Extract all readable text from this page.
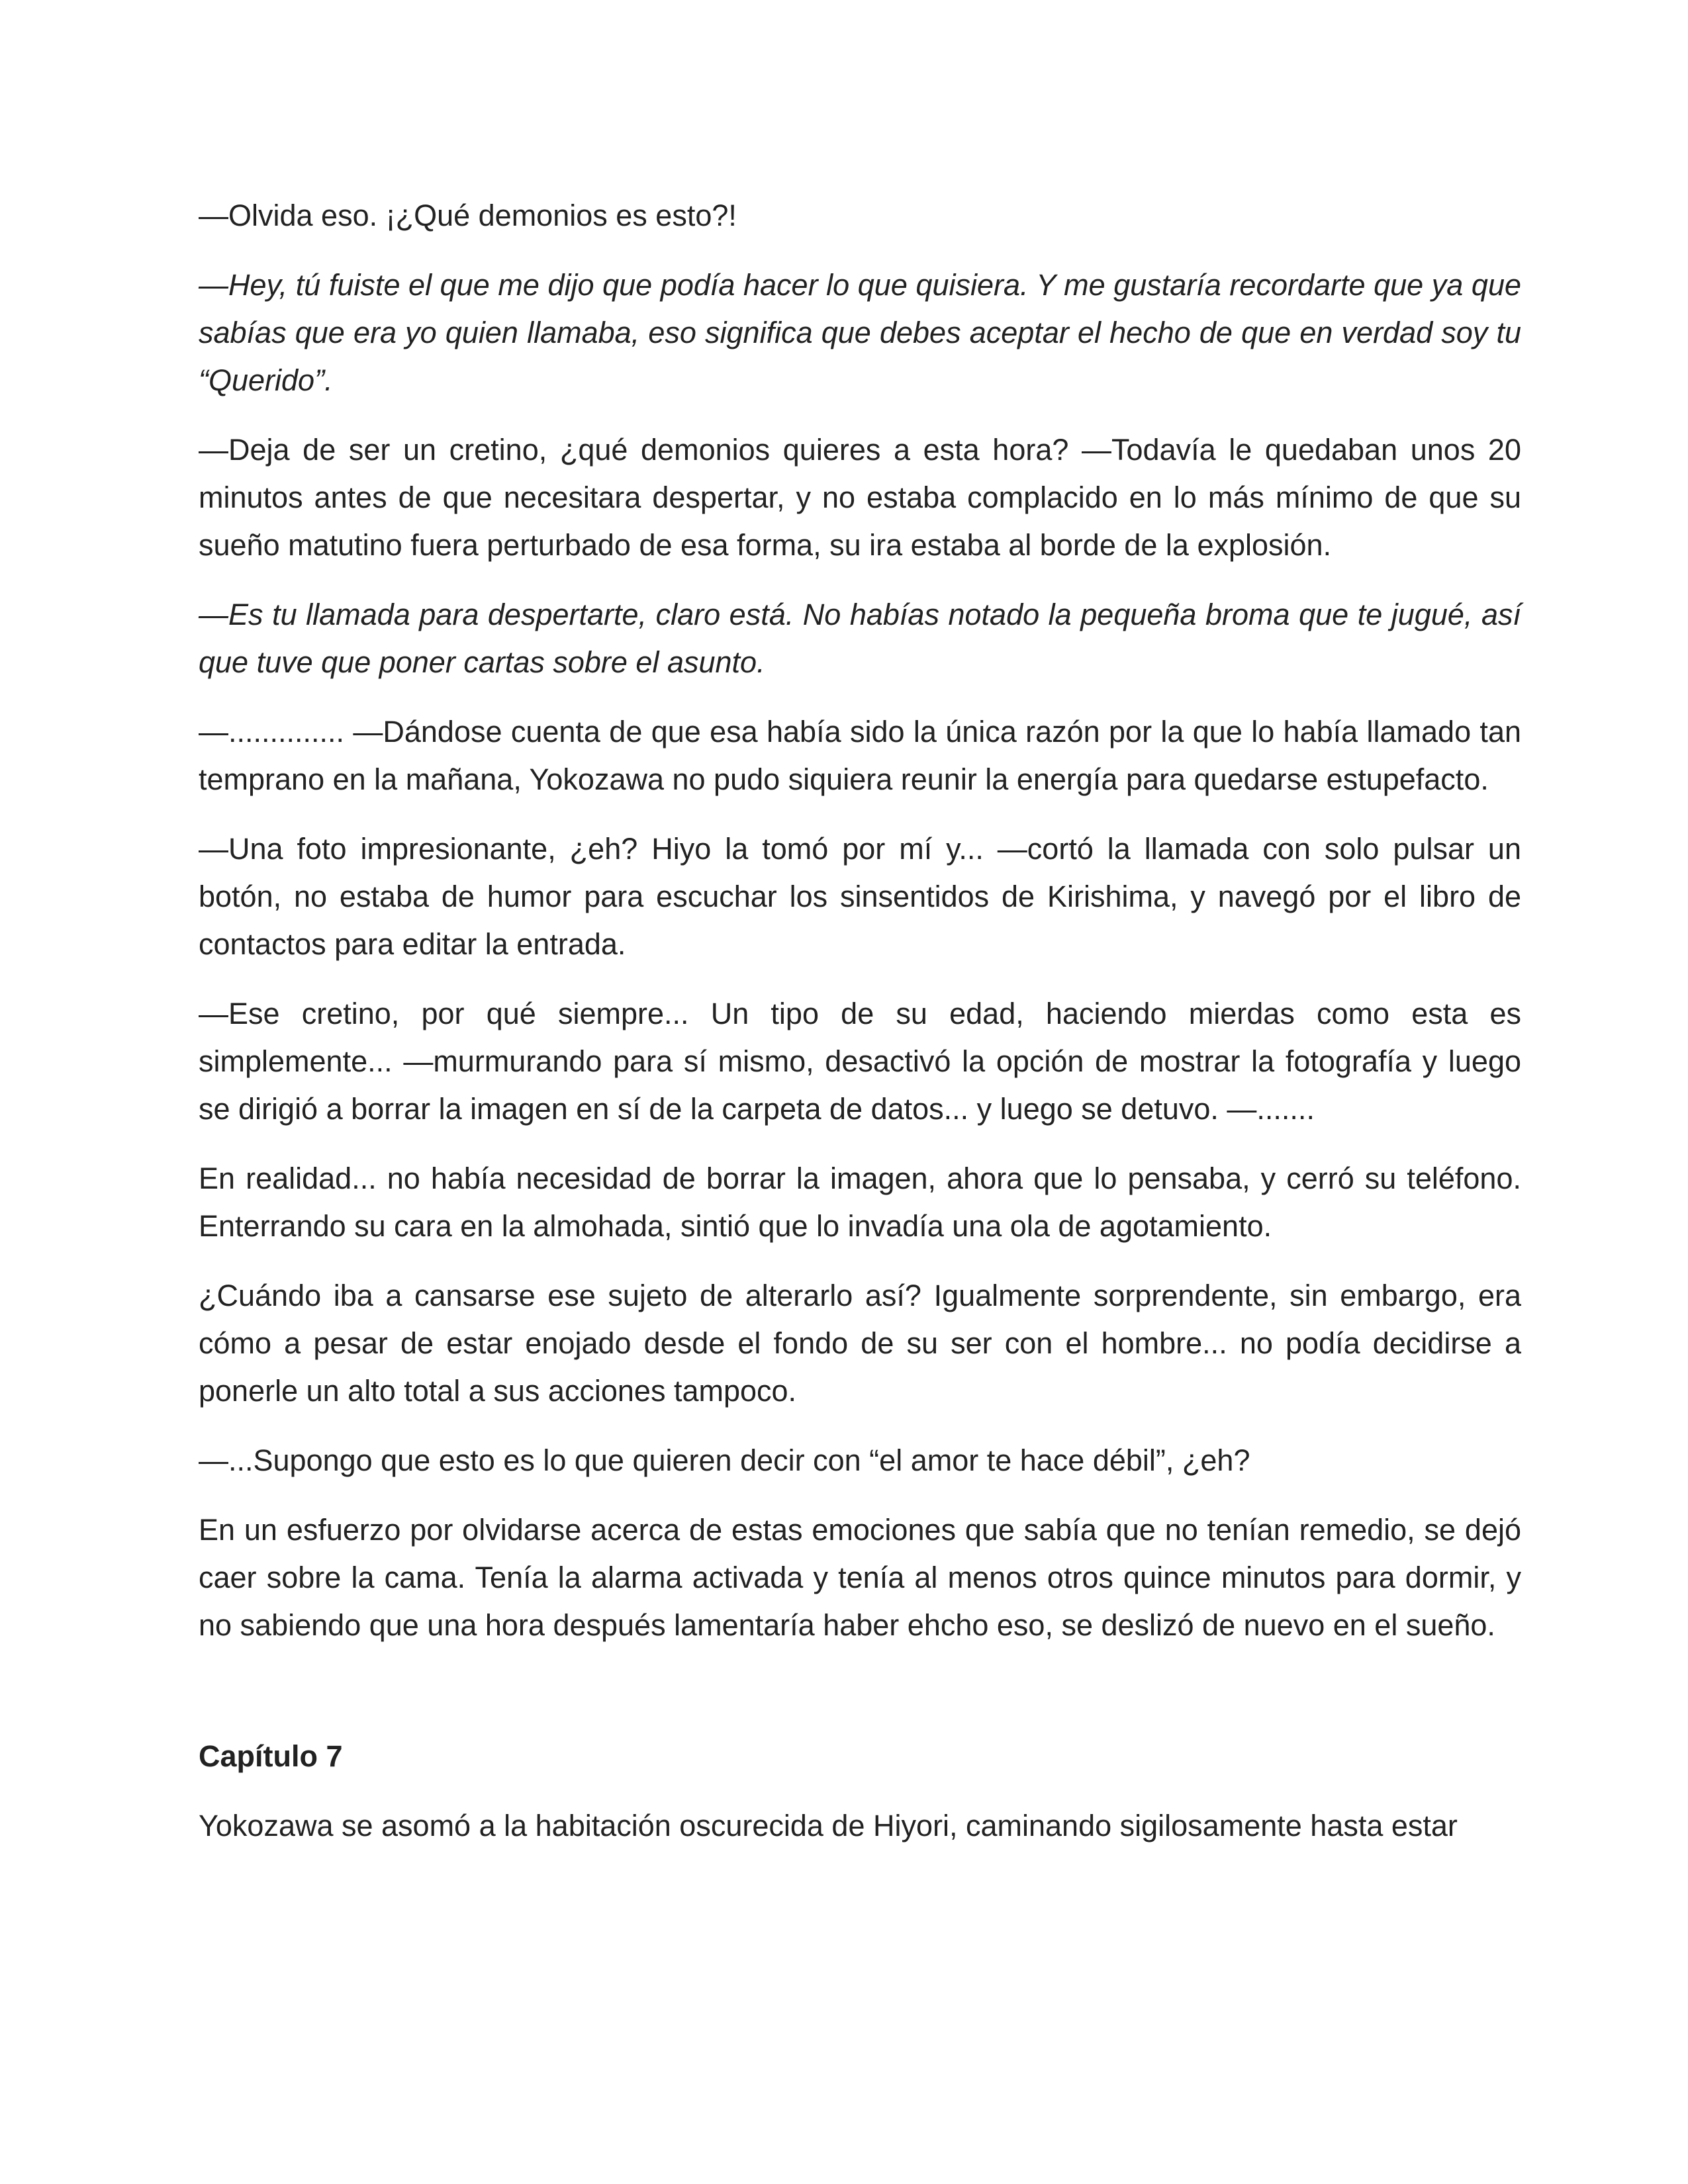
—Olvida eso. ¡¿Qué demonios es esto?!

—Hey, tú fuiste el que me dijo que podía hacer lo que quisiera. Y me gustaría recordarte que ya que sabías que era yo quien llamaba, eso significa que debes aceptar el hecho de que en verdad soy tu “Querido”.

—Deja de ser un cretino, ¿qué demonios quieres a esta hora? —Todavía le quedaban unos 20 minutos antes de que necesitara despertar, y no estaba complacido en lo más mínimo de que su sueño matutino fuera perturbado de esa forma, su ira estaba al borde de la explosión.

—Es tu llamada para despertarte, claro está. No habías notado la pequeña broma que te jugué, así que tuve que poner cartas sobre el asunto.

—.............. —Dándose cuenta de que esa había sido la única razón por la que lo había llamado tan temprano en la mañana, Yokozawa no pudo siquiera reunir la energía para quedarse estupefacto.

—Una foto impresionante, ¿eh? Hiyo la tomó por mí y... —cortó la llamada con solo pulsar un botón, no estaba de humor para escuchar los sinsentidos de Kirishima, y navegó por el libro de contactos para editar la entrada.

—Ese cretino, por qué siempre... Un tipo de su edad, haciendo mierdas como esta es simplemente... —murmurando para sí mismo, desactivó la opción de mostrar la fotografía y luego se dirigió a borrar la imagen en sí de la carpeta de datos... y luego se detuvo. —.......

En realidad... no había necesidad de borrar la imagen, ahora que lo pensaba, y cerró su teléfono. Enterrando su cara en la almohada, sintió que lo invadía una ola de agotamiento.

¿Cuándo iba a cansarse ese sujeto de alterarlo así? Igualmente sorprendente, sin embargo, era cómo a pesar de estar enojado desde el fondo de su ser con el hombre... no podía decidirse a ponerle un alto total a sus acciones tampoco.

—...Supongo que esto es lo que quieren decir con “el amor te hace débil”, ¿eh?

En un esfuerzo por olvidarse acerca de estas emociones que sabía que no tenían remedio, se dejó caer sobre la cama. Tenía la alarma activada y tenía al menos otros quince minutos para dormir, y no sabiendo que una hora después lamentaría haber ehcho eso, se deslizó de nuevo en el sueño.

Capítulo 7

Yokozawa se asomó a la habitación oscurecida de Hiyori, caminando sigilosamente hasta estar
